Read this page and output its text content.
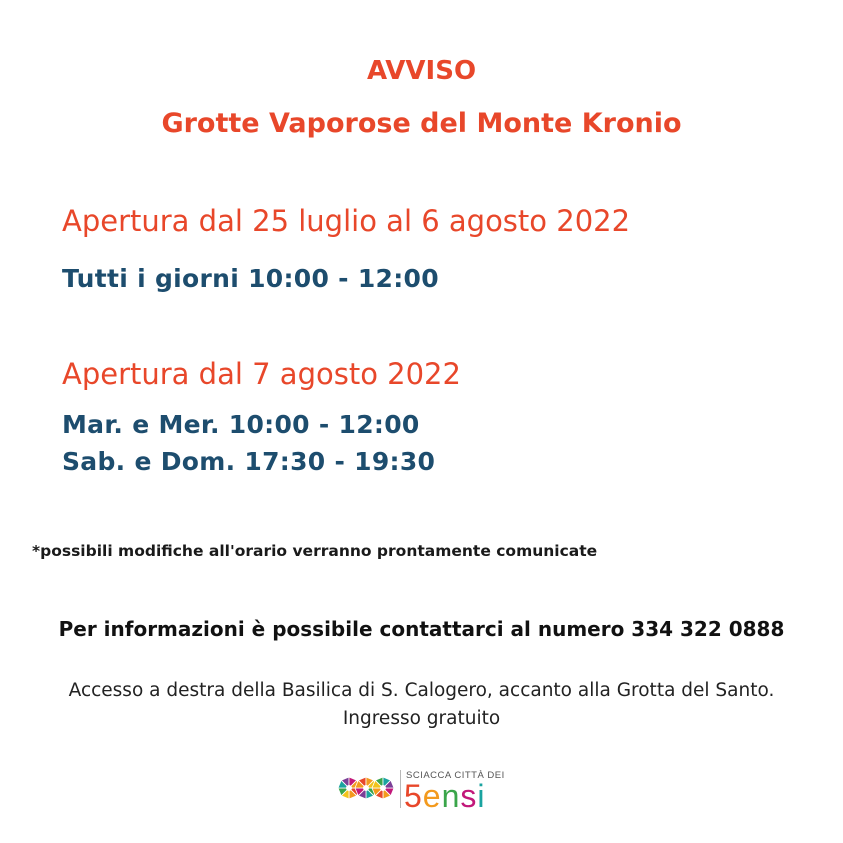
AVVISO
Grotte Vaporose del Monte Kronio
Apertura dal 25 luglio al 6 agosto 2022
Tutti i giorni 10:00 - 12:00
Apertura dal 7 agosto 2022
Mar. e Mer. 10:00 - 12:00
Sab. e Dom. 17:30 - 19:30
*possibili modifiche all'orario verranno prontamente comunicate
Per informazioni è possibile contattarci al numero 334 322 0888
Accesso a destra della Basilica di S. Calogero, accanto alla Grotta del Santo.
Ingresso gratuito
SCIACCA CITTÀ DEI
5ensi
